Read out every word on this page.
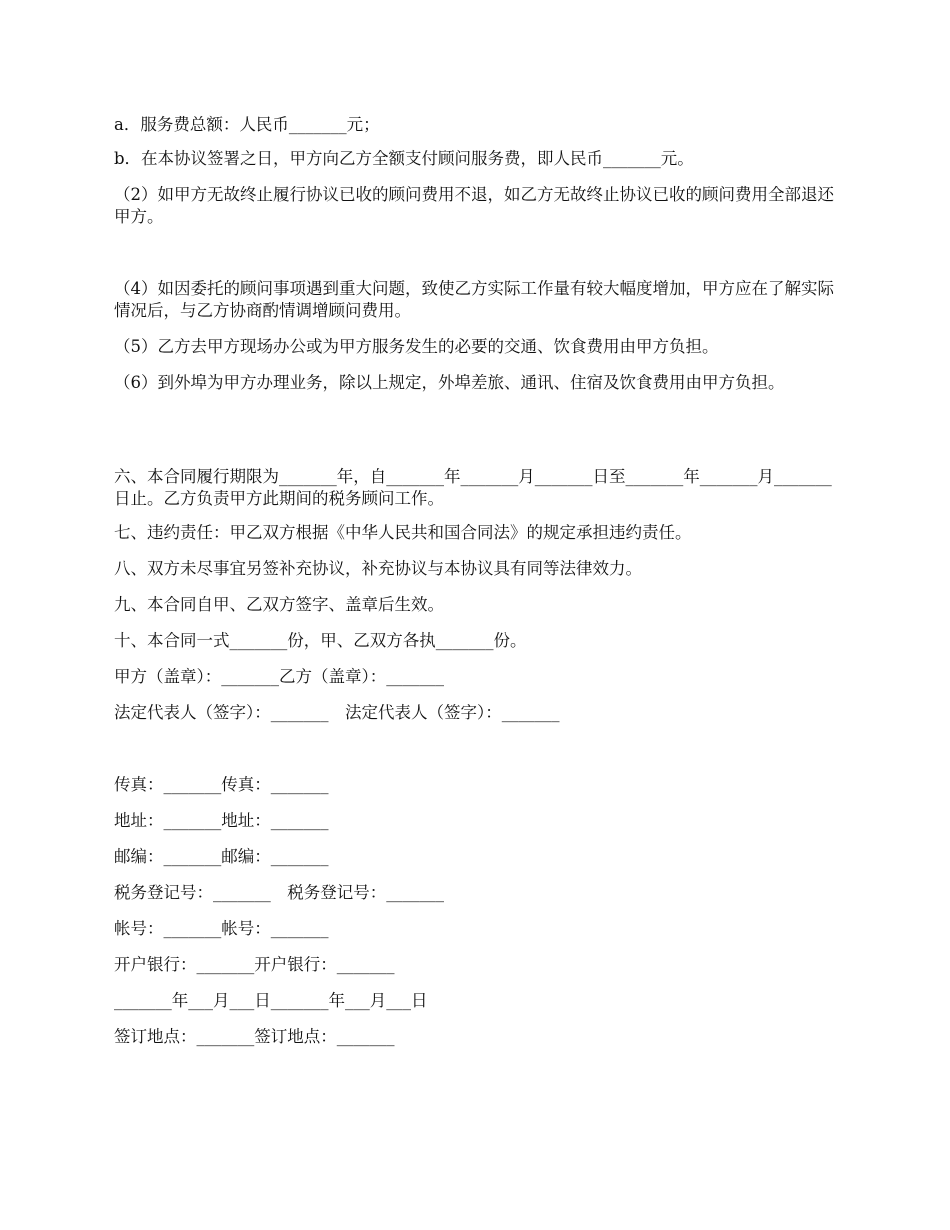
a．服务费总额：人民币_______元；
b．在本协议签署之日，甲方向乙方全额支付顾问服务费，即人民币_______元。
（2）如甲方无故终止履行协议已收的顾问费用不退，如乙方无故终止协议已收的顾问费用全部退还甲方。
（4）如因委托的顾问事项遇到重大问题，致使乙方实际工作量有较大幅度增加，甲方应在了解实际情况后，与乙方协商酌情调增顾问费用。
（5）乙方去甲方现场办公或为甲方服务发生的必要的交通、饮食费用由甲方负担。
（6）到外埠为甲方办理业务，除以上规定，外埠差旅、通讯、住宿及饮食费用由甲方负担。
六、本合同履行期限为_______年，自_______年_______月_______日至_______年_______月_______日止。乙方负责甲方此期间的税务顾问工作。
七、违约责任：甲乙双方根据《中华人民共和国合同法》的规定承担违约责任。
八、双方未尽事宜另签补充协议，补充协议与本协议具有同等法律效力。
九、本合同自甲、乙双方签字、盖章后生效。
十、本合同一式_______份，甲、乙双方各执_______份。
甲方（盖章）：_______乙方（盖章）：_______
法定代表人（签字）：_______　法定代表人（签字）：_______
传真：_______传真：_______
地址：_______地址：_______
邮编：_______邮编：_______
税务登记号：_______　税务登记号：_______
帐号：_______帐号：_______
开户银行：_______开户银行：_______
_______年___月___日_______年___月___日
签订地点：_______签订地点：_______
